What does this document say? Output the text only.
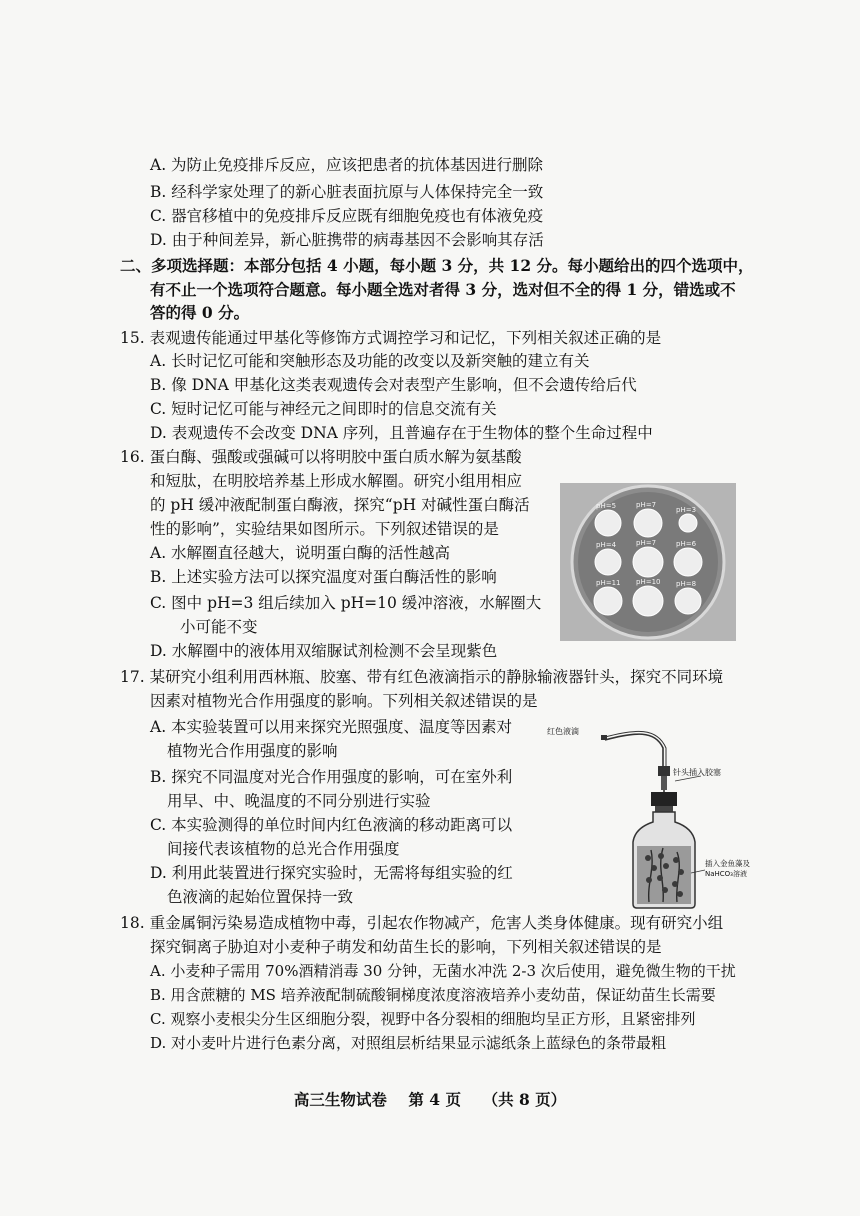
A. 为防止免疫排斥反应，应该把患者的抗体基因进行删除
B. 经科学家处理了的新心脏表面抗原与人体保持完全一致
C. 器官移植中的免疫排斥反应既有细胞免疫也有体液免疫
D. 由于种间差异，新心脏携带的病毒基因不会影响其存活
二、多项选择题：本部分包括 4 小题，每小题 3 分，共 12 分。每小题给出的四个选项中，
有不止一个选项符合题意。每小题全选对者得 3 分，选对但不全的得 1 分，错选或不
答的得 0 分。
15. 表观遗传能通过甲基化等修饰方式调控学习和记忆，下列相关叙述正确的是
A. 长时记忆可能和突触形态及功能的改变以及新突触的建立有关
B. 像 DNA 甲基化这类表观遗传会对表型产生影响，但不会遗传给后代
C. 短时记忆可能与神经元之间即时的信息交流有关
D. 表观遗传不会改变 DNA 序列，且普遍存在于生物体的整个生命过程中
16. 蛋白酶、强酸或强碱可以将明胶中蛋白质水解为氨基酸
和短肽，在明胶培养基上形成水解圈。研究小组用相应
的 pH 缓冲液配制蛋白酶液，探究“pH 对碱性蛋白酶活
性的影响”，实验结果如图所示。下列叙述错误的是
A. 水解圈直径越大，说明蛋白酶的活性越高
B. 上述实验方法可以探究温度对蛋白酶活性的影响
C. 图中 pH=3 组后续加入 pH=10 缓冲溶液，水解圈大
小可能不变
D. 水解圈中的液体用双缩脲试剂检测不会呈现紫色
pH=5	pH=7
pH=3
pH=4	pH=7	pH=6
pH=11 pH=10 pH=8
17. 某研究小组利用西林瓶、胶塞、带有红色液滴指示的静脉输液器针头，探究不同环境
因素对植物光合作用强度的影响。下列相关叙述错误的是
A. 本实验装置可以用来探究光照强度、温度等因素对
植物光合作用强度的影响
B. 探究不同温度对光合作用强度的影响，可在室外利
用早、中、晚温度的不同分别进行实验
C. 本实验测得的单位时间内红色液滴的移动距离可以
间接代表该植物的总光合作用强度
D. 利用此装置进行探究实验时，无需将每组实验的红
色液滴的起始位置保持一致
红色液滴
针头插入胶塞
插入金鱼藻及
NaHCO₃溶液
18. 重金属铜污染易造成植物中毒，引起农作物减产，危害人类身体健康。现有研究小组
探究铜离子胁迫对小麦种子萌发和幼苗生长的影响，下列相关叙述错误的是
A. 小麦种子需用 70%酒精消毒 30 分钟，无菌水冲洗 2-3 次后使用，避免微生物的干扰
B. 用含蔗糖的 MS 培养液配制硫酸铜梯度浓度溶液培养小麦幼苗，保证幼苗生长需要
C. 观察小麦根尖分生区细胞分裂，视野中各分裂相的细胞均呈正方形，且紧密排列
D. 对小麦叶片进行色素分离，对照组层析结果显示滤纸条上蓝绿色的条带最粗
高三生物试卷    第 4 页    （共 8 页）
